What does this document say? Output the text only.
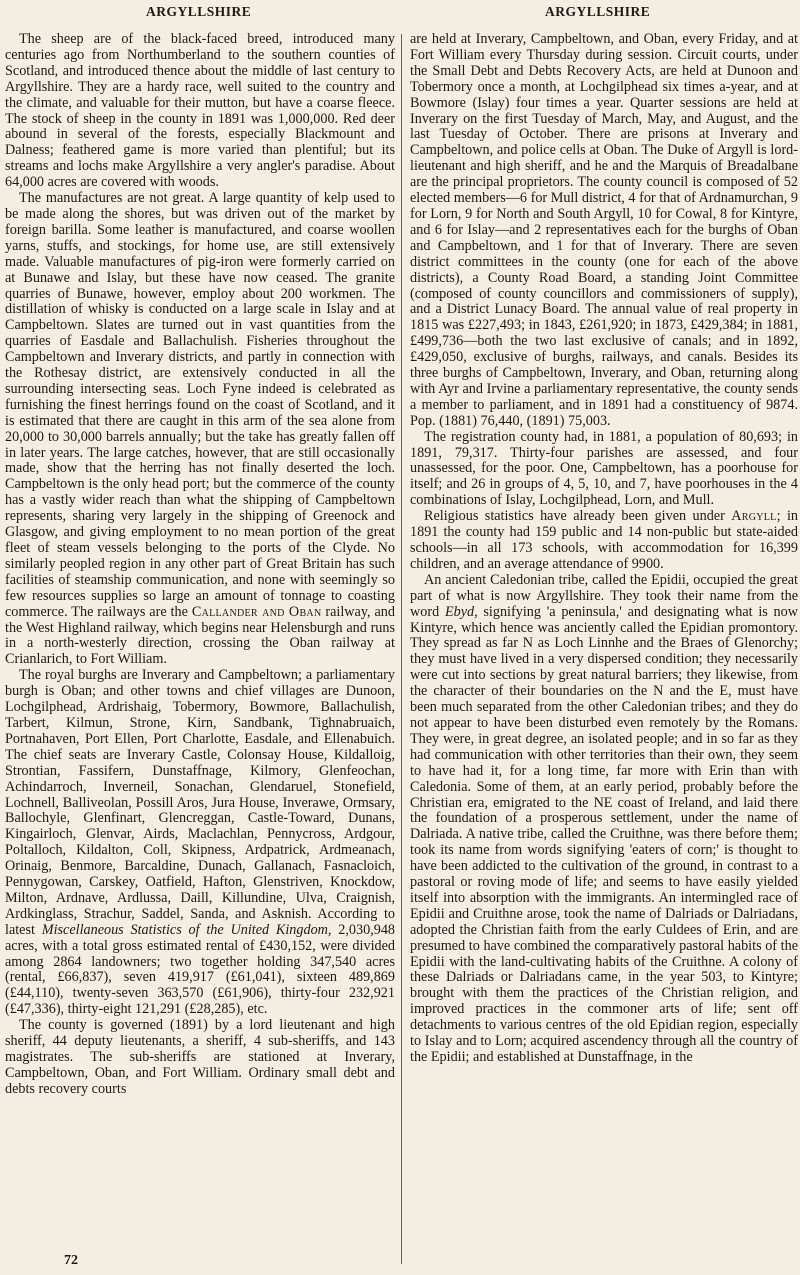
ARGYLLSHIRE	ARGYLLSHIRE

The sheep are of the black-faced breed, introduced many centuries ago from Northumberland to the southern counties of Scotland, and introduced thence about the middle of last century to Argyllshire. They are a hardy race, well suited to the country and the climate, and valuable for their mutton, but have a coarse fleece. The stock of sheep in the county in 1891 was 1,000,000. Red deer abound in several of the forests, especially Blackmount and Dalness; feathered game is more varied than plentiful; but its streams and lochs make Argyllshire a very angler's paradise. About 64,000 acres are covered with woods.

The manufactures are not great. A large quantity of kelp used to be made along the shores, but was driven out of the market by foreign barilla. Some leather is manufactured, and coarse woollen yarns, stuffs, and stockings, for home use, are still extensively made. Valuable manufactures of pig-iron were formerly carried on at Bunawe and Islay, but these have now ceased. The granite quarries of Bunawe, however, employ about 200 workmen. The distillation of whisky is conducted on a large scale in Islay and at Campbeltown. Slates are turned out in vast quantities from the quarries of Easdale and Ballachulish. Fisheries throughout the Campbeltown and Inverary districts, and partly in connection with the Rothesay district, are extensively conducted in all the surrounding intersecting seas. Loch Fyne indeed is celebrated as furnishing the finest herrings found on the coast of Scotland, and it is estimated that there are caught in this arm of the sea alone from 20,000 to 30,000 barrels annually; but the take has greatly fallen off in later years. The large catches, however, that are still occasionally made, show that the herring has not finally deserted the loch. Campbeltown is the only head port; but the commerce of the county has a vastly wider reach than what the shipping of Campbeltown represents, sharing very largely in the shipping of Greenock and Glasgow, and giving employment to no mean portion of the great fleet of steam vessels belonging to the ports of the Clyde. No similarly peopled region in any other part of Great Britain has such facilities of steamship communication, and none with seemingly so few resources supplies so large an amount of tonnage to coasting commerce. The railways are the Callander and Oban railway, and the West Highland railway, which begins near Helensburgh and runs in a north-westerly direction, crossing the Oban railway at Crianlarich, to Fort William.

The royal burghs are Inverary and Campbeltown; a parliamentary burgh is Oban; and other towns and chief villages are Dunoon, Lochgilphead, Ardrishaig, Tobermory, Bowmore, Ballachulish, Tarbert, Kilmun, Strone, Kirn, Sandbank, Tighnabruaich, Portnahaven, Port Ellen, Port Charlotte, Easdale, and Ellenabuich. The chief seats are Inverary Castle, Colonsay House, Kildalloig, Strontian, Fassifern, Dunstaffnage, Kilmory, Glenfeochan, Achindarroch, Inverneil, Sonachan, Glendaruel, Stonefield, Lochnell, Balliveolan, Possill Aros, Jura House, Inverawe, Ormsary, Ballochyle, Glenfinart, Glencreggan, Castle-Toward, Dunans, Kingairloch, Glenvar, Airds, Maclachlan, Pennycross, Ardgour, Poltalloch, Kildalton, Coll, Skipness, Ardpatrick, Ardmeanach, Orinaig, Benmore, Barcaldine, Dunach, Gallanach, Fasnacloich, Pennygowan, Carskey, Oatfield, Hafton, Glenstriven, Knockdow, Milton, Ardnave, Ardlussa, Daill, Killundine, Ulva, Craignish, Ardkinglass, Strachur, Saddel, Sanda, and Asknish. According to latest Miscellaneous Statistics of the United Kingdom, 2,030,948 acres, with a total gross estimated rental of £430,152, were divided among 2864 landowners; two together holding 347,540 acres (rental, £66,837), seven 419,917 (£61,041), sixteen 489,869 (£44,110), twenty-seven 363,570 (£61,906), thirty-four 232,921 (£47,336), thirty-eight 121,291 (£28,285), etc.

The county is governed (1891) by a lord lieutenant and high sheriff, 44 deputy lieutenants, a sheriff, 4 sub-sheriffs, and 143 magistrates. The sub-sheriffs are stationed at Inverary, Campbeltown, Oban, and Fort William. Ordinary small debt and debts recovery courts

are held at Inverary, Campbeltown, and Oban, every Friday, and at Fort William every Thursday during session. Circuit courts, under the Small Debt and Debts Recovery Acts, are held at Dunoon and Tobermory once a month, at Lochgilphead six times a-year, and at Bowmore (Islay) four times a year. Quarter sessions are held at Inverary on the first Tuesday of March, May, and August, and the last Tuesday of October. There are prisons at Inverary and Campbeltown, and police cells at Oban. The Duke of Argyll is lord-lieutenant and high sheriff, and he and the Marquis of Breadalbane are the principal proprietors. The county council is composed of 52 elected members—6 for Mull district, 4 for that of Ardnamurchan, 9 for Lorn, 9 for North and South Argyll, 10 for Cowal, 8 for Kintyre, and 6 for Islay—and 2 representatives each for the burghs of Oban and Campbeltown, and 1 for that of Inverary. There are seven district committees in the county (one for each of the above districts), a County Road Board, a standing Joint Committee (composed of county councillors and commissioners of supply), and a District Lunacy Board. The annual value of real property in 1815 was £227,493; in 1843, £261,920; in 1873, £429,384; in 1881, £499,736—both the two last exclusive of canals; and in 1892, £429,050, exclusive of burghs, railways, and canals. Besides its three burghs of Campbeltown, Inverary, and Oban, returning along with Ayr and Irvine a parliamentary representative, the county sends a member to parliament, and in 1891 had a constituency of 9874. Pop. (1881) 76,440, (1891) 75,003.

The registration county had, in 1881, a population of 80,693; in 1891, 79,317. Thirty-four parishes are assessed, and four unassessed, for the poor. One, Campbeltown, has a poorhouse for itself; and 26 in groups of 4, 5, 10, and 7, have poorhouses in the 4 combinations of Islay, Lochgilphead, Lorn, and Mull.

Religious statistics have already been given under Argyll; in 1891 the county had 159 public and 14 non-public but state-aided schools—in all 173 schools, with accommodation for 16,399 children, and an average attendance of 9900.

An ancient Caledonian tribe, called the Epidii, occupied the great part of what is now Argyllshire. They took their name from the word Ebyd, signifying 'a peninsula,' and designating what is now Kintyre, which hence was anciently called the Epidian promontory. They spread as far N as Loch Linnhe and the Braes of Glenorchy; they must have lived in a very dispersed condition; they necessarily were cut into sections by great natural barriers; they likewise, from the character of their boundaries on the N and the E, must have been much separated from the other Caledonian tribes; and they do not appear to have been disturbed even remotely by the Romans. They were, in great degree, an isolated people; and in so far as they had communication with other territories than their own, they seem to have had it, for a long time, far more with Erin than with Caledonia. Some of them, at an early period, probably before the Christian era, emigrated to the NE coast of Ireland, and laid there the foundation of a prosperous settlement, under the name of Dalriada. A native tribe, called the Cruithne, was there before them; took its name from words signifying 'eaters of corn;' is thought to have been addicted to the cultivation of the ground, in contrast to a pastoral or roving mode of life; and seems to have easily yielded itself into absorption with the immigrants. An intermingled race of Epidii and Cruithne arose, took the name of Dalriads or Dalriadans, adopted the Christian faith from the early Culdees of Erin, and are presumed to have combined the comparatively pastoral habits of the Epidii with the land-cultivating habits of the Cruithne. A colony of these Dalriads or Dalriadans came, in the year 503, to Kintyre; brought with them the practices of the Christian religion, and improved practices in the commoner arts of life; sent off detachments to various centres of the old Epidian region, especially to Islay and to Lorn; acquired ascendency through all the country of the Epidii; and established at Dunstaffnage, in the

72
